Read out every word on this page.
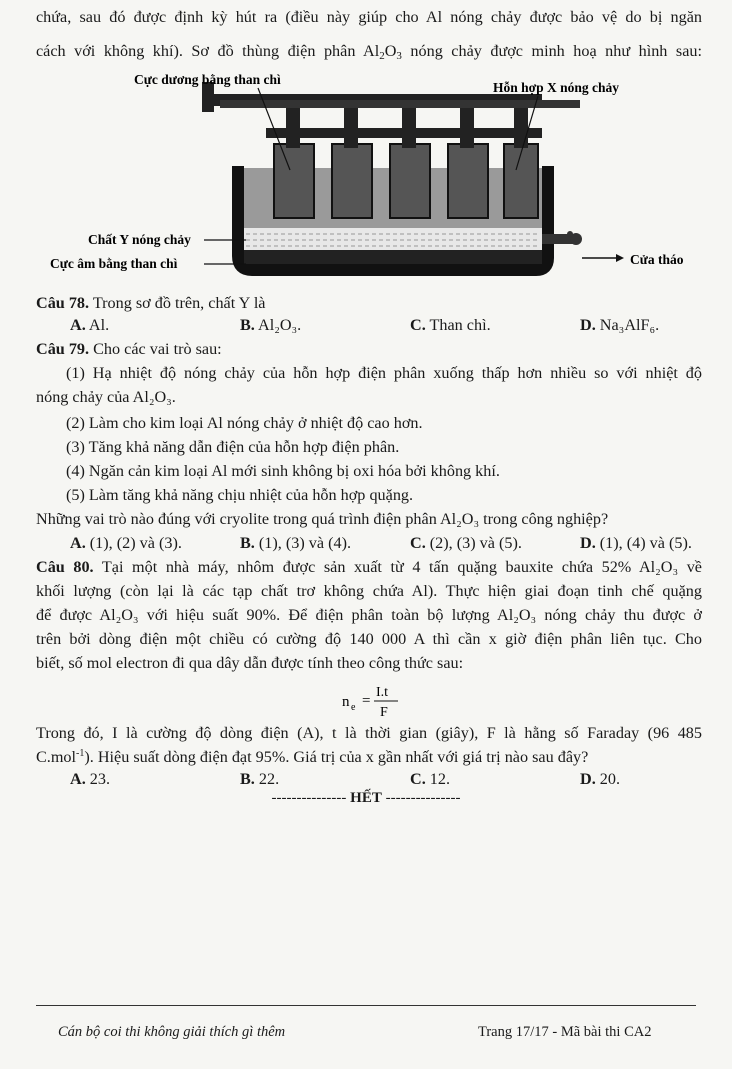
chứa, sau đó được định kỳ hút ra (điều này giúp cho Al nóng chảy được bảo vệ do bị ngăn
cách với không khí). Sơ đồ thùng điện phân $Al_2O_3$ nóng chảy được minh hoạ như hình sau:
Cực dương bằng than chì
Hỗn hợp X nóng chảy
Chất Y nóng chảy
Cực âm bằng than chì	Cửa tháo
Câu 78. Trong sơ đồ trên, chất Y là
A. Al.	B. Al₂O₃.	C. Than chì.	D. Na₃AlF₆.
Câu 79. Cho các vai trò sau:
(1) Hạ nhiệt độ nóng chảy của hỗn hợp điện phân xuống thấp hơn nhiều so với nhiệt độ
nóng chảy của Al₂O₃.
(2) Làm cho kim loại Al nóng chảy ở nhiệt độ cao hơn.
(3) Tăng khả năng dẫn điện của hỗn hợp điện phân.
(4) Ngăn cản kim loại Al mới sinh không bị oxi hóa bởi không khí.
(5) Làm tăng khả năng chịu nhiệt của hỗn hợp quặng.
Những vai trò nào đúng với cryolite trong quá trình điện phân Al₂O₃ trong công nghiệp?
A. (1), (2) và (3).	B. (1), (3) và (4).	C. (2), (3) và (5).	D. (1), (4) và (5).
Câu 80. Tại một nhà máy, nhôm được sản xuất từ 4 tấn quặng bauxite chứa 52% Al₂O₃ về
khối lượng (còn lại là các tạp chất trơ không chứa Al). Thực hiện giai đoạn tinh chế quặng
để được Al₂O₃ với hiệu suất 90%. Để điện phân toàn bộ lượng Al₂O₃ nóng chảy thu được ở
trên bởi dòng điện một chiều có cường độ 140 000 A thì cần x giờ điện phân liên tục. Cho
biết, số mol electron đi qua dây dẫn được tính theo công thức sau:
n e =
I.t
F
Trong đó, I là cường độ dòng điện (A), t là thời gian (giây), F là hằng số Faraday (96 485
C.mol$^{-1}$). Hiệu suất dòng điện đạt 95%. Giá trị của x gần nhất với giá trị nào sau đây?
A. 23.	B. 22.	C. 12.	D. 20.
--------------- HẾT ---------------
Cán bộ coi thi không giải thích gì thêm	Trang 17/17 - Mã bài thi CA2
